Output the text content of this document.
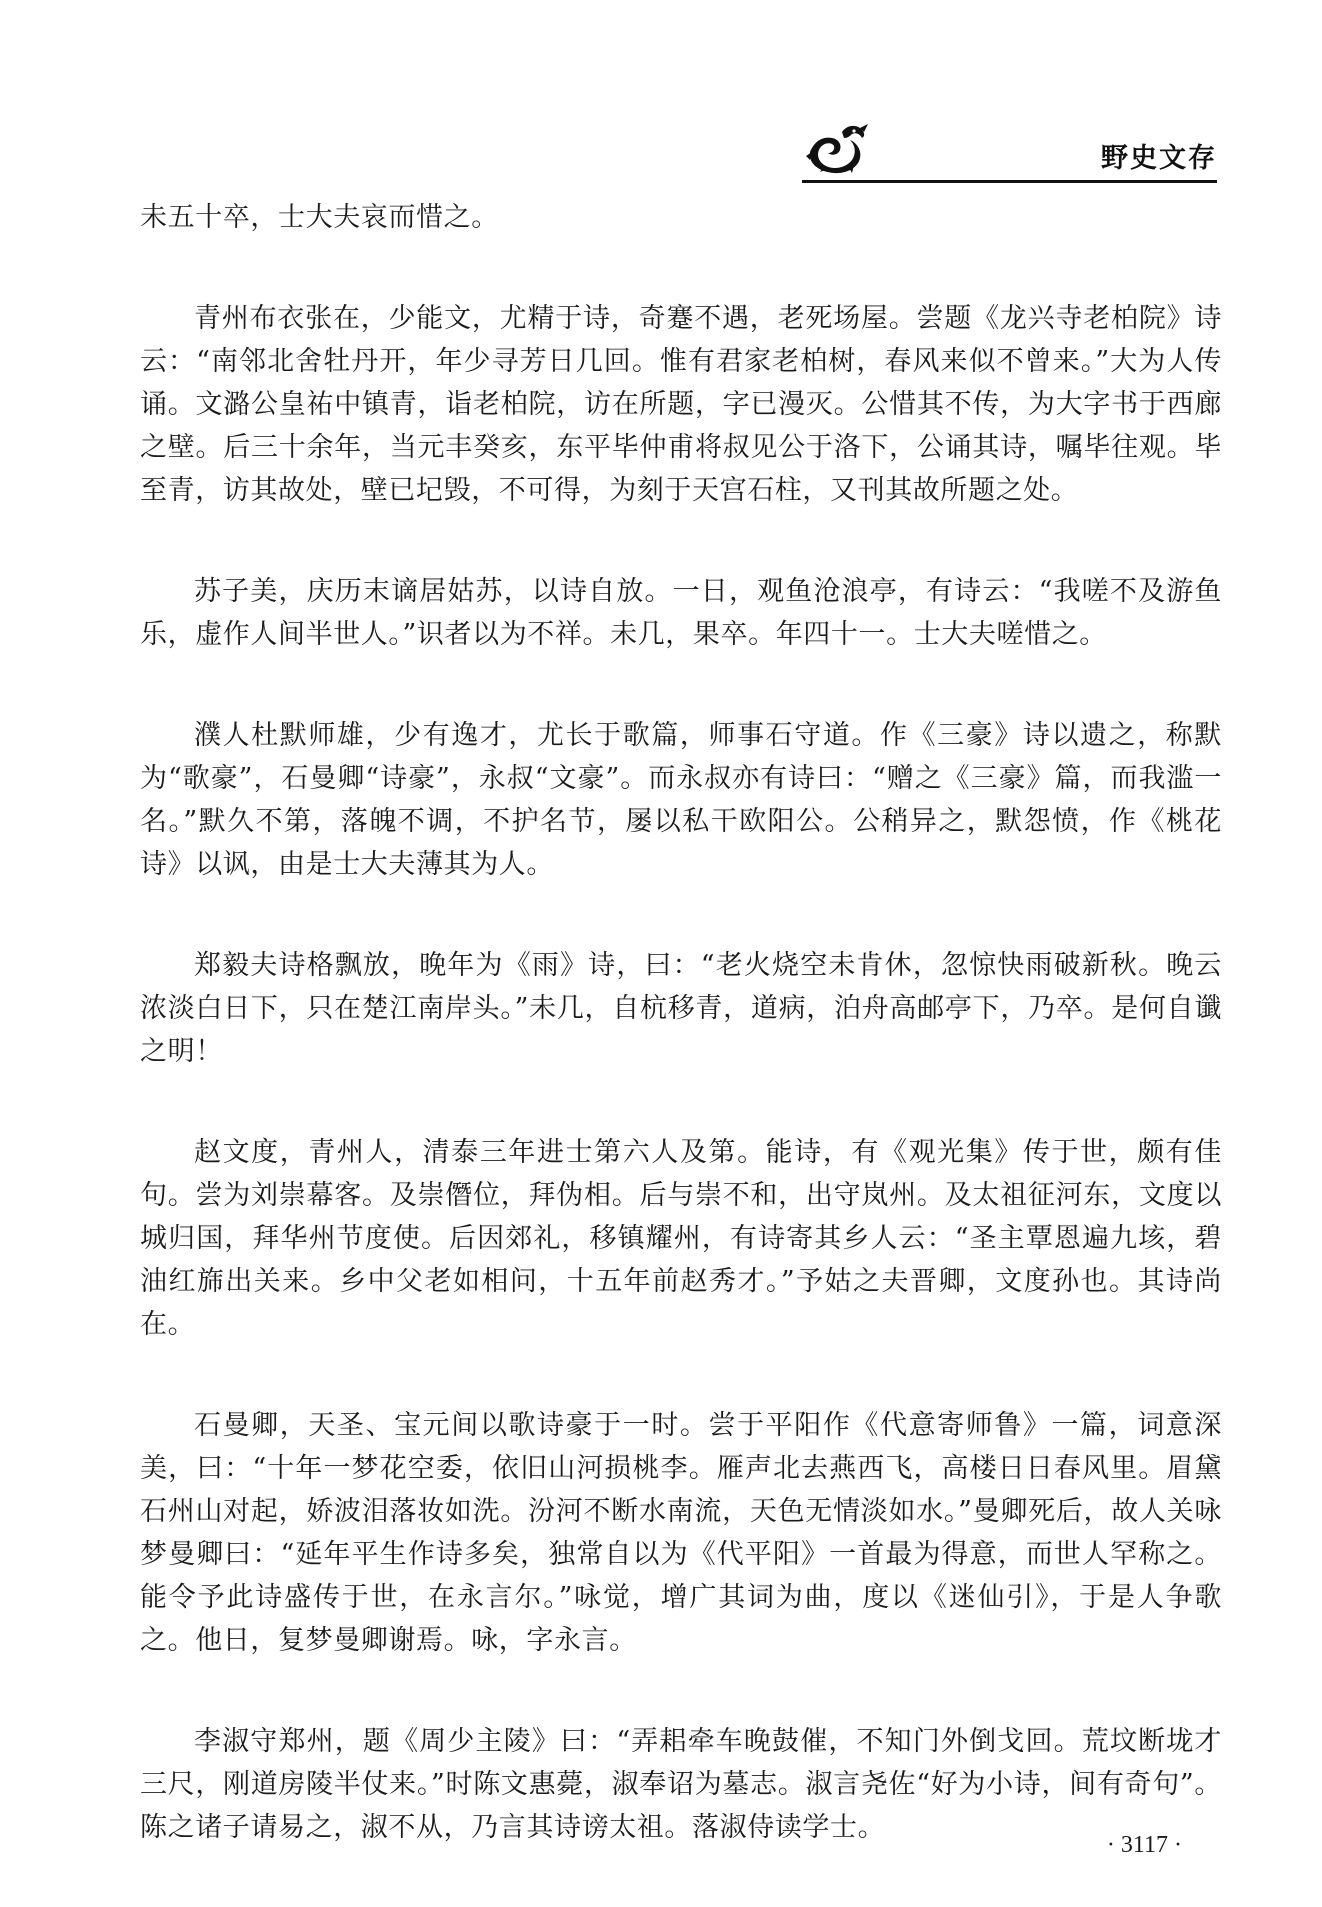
野史文存

未五十卒，士大夫哀而惜之。

青州布衣张在，少能文，尤精于诗，奇蹇不遇，老死场屋。尝题《龙兴寺老柏院》诗云：“南邻北舍牡丹开，年少寻芳日几回。惟有君家老柏树，春风来似不曾来。”大为人传诵。文潞公皇祐中镇青，诣老柏院，访在所题，字已漫灭。公惜其不传，为大字书于西廊之壁。后三十余年，当元丰癸亥，东平毕仲甫将叔见公于洛下，公诵其诗，嘱毕往观。毕至青，访其故处，壁已圮毁，不可得，为刻于天宫石柱，又刊其故所题之处。

苏子美，庆历末谪居姑苏，以诗自放。一日，观鱼沧浪亭，有诗云：“我嗟不及游鱼乐，虚作人间半世人。”识者以为不祥。未几，果卒。年四十一。士大夫嗟惜之。

濮人杜默师雄，少有逸才，尤长于歌篇，师事石守道。作《三豪》诗以遗之，称默为“歌豪”，石曼卿“诗豪”，永叔“文豪”。而永叔亦有诗曰：“赠之《三豪》篇，而我滥一名。”默久不第，落魄不调，不护名节，屡以私干欧阳公。公稍异之，默怨愤，作《桃花诗》以讽，由是士大夫薄其为人。

郑毅夫诗格飘放，晚年为《雨》诗，曰：“老火烧空未肯休，忽惊快雨破新秋。晚云浓淡白日下，只在楚江南岸头。”未几，自杭移青，道病，泊舟高邮亭下，乃卒。是何自谶之明！

赵文度，青州人，清泰三年进士第六人及第。能诗，有《观光集》传于世，颇有佳句。尝为刘崇幕客。及崇僭位，拜伪相。后与崇不和，出守岚州。及太祖征河东，文度以城归国，拜华州节度使。后因郊礼，移镇耀州，有诗寄其乡人云：“圣主覃恩遍九垓，碧油红旆出关来。乡中父老如相问，十五年前赵秀才。”予姑之夫晋卿，文度孙也。其诗尚在。

石曼卿，天圣、宝元间以歌诗豪于一时。尝于平阳作《代意寄师鲁》一篇，词意深美，曰：“十年一梦花空委，依旧山河损桃李。雁声北去燕西飞，高楼日日春风里。眉黛石州山对起，娇波泪落妆如洗。汾河不断水南流，天色无情淡如水。”曼卿死后，故人关咏梦曼卿曰：“延年平生作诗多矣，独常自以为《代平阳》一首最为得意，而世人罕称之。能令予此诗盛传于世，在永言尔。”咏觉，增广其词为曲，度以《迷仙引》，于是人争歌之。他日，复梦曼卿谢焉。咏，字永言。

李淑守郑州，题《周少主陵》曰：“弄耜牵车晚鼓催，不知门外倒戈回。荒坟断垅才三尺，刚道房陵半仗来。”时陈文惠薨，淑奉诏为墓志。淑言尧佐“好为小诗，间有奇句”。陈之诸子请易之，淑不从，乃言其诗谤太祖。落淑侍读学士。

· 3117 ·
